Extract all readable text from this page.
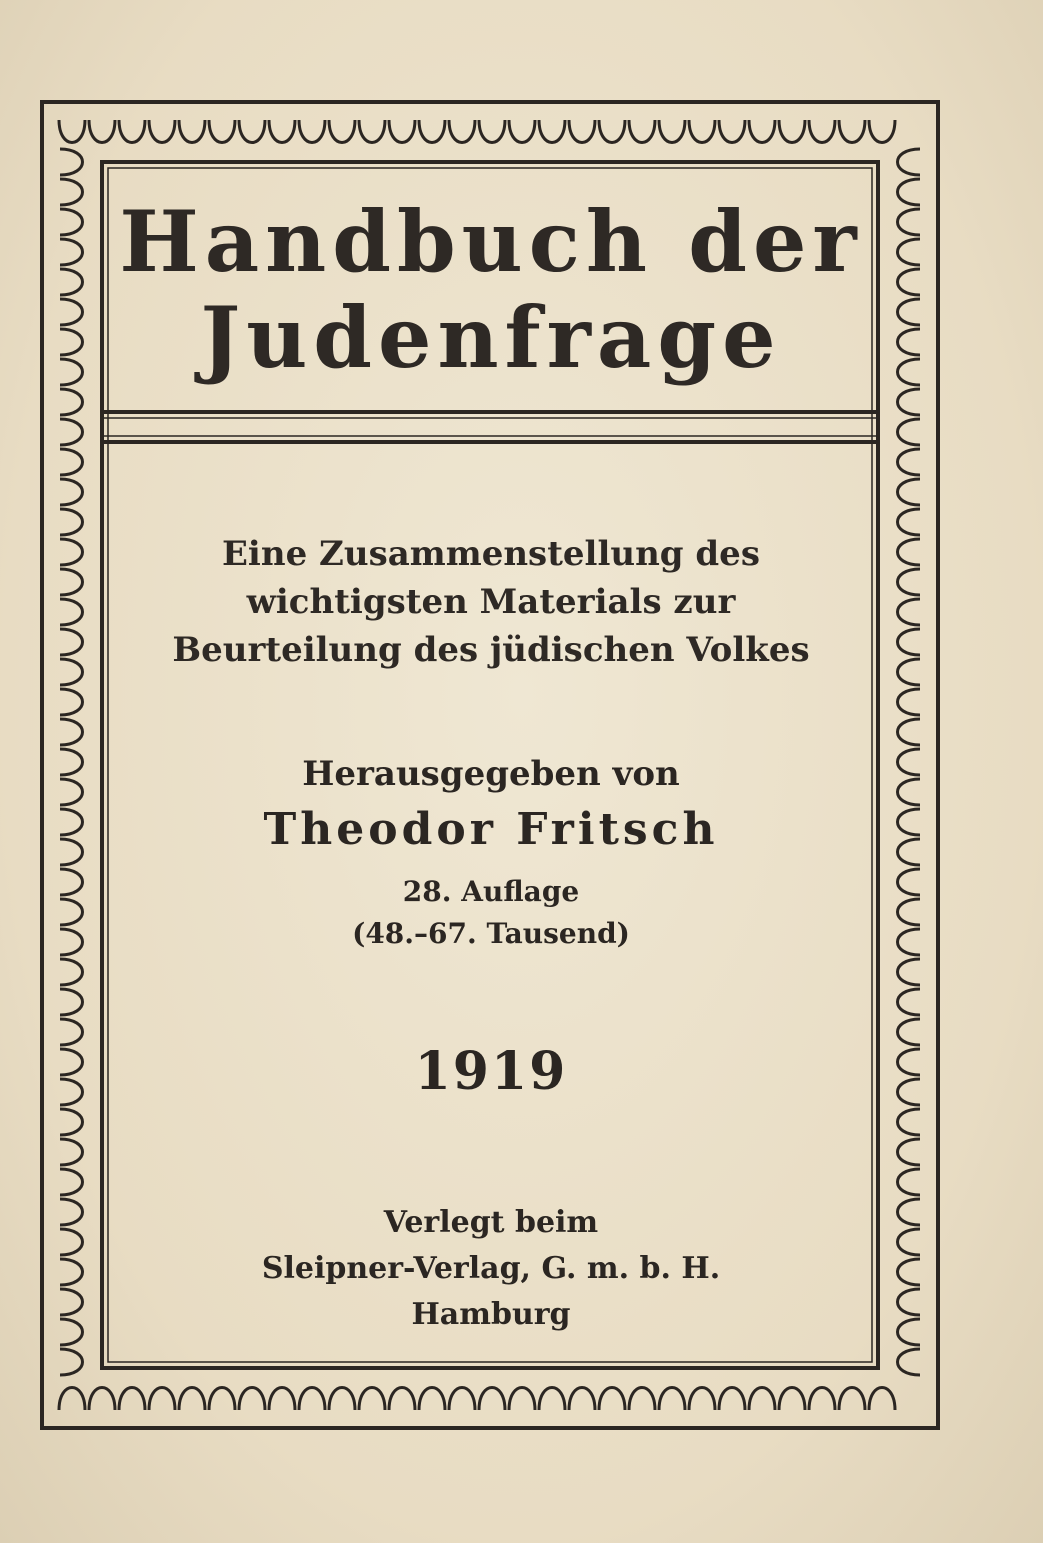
Handbuch der
Judenfrage
Eine Zusammenstellung des
wichtigsten Materials zur
Beurteilung des jüdischen Volkes
Herausgegeben von
Theodor Fritsch
28. Auflage
(48.–67. Tausend)
1919
Verlegt beim
Sleipner-Verlag, G. m. b. H.
Hamburg
